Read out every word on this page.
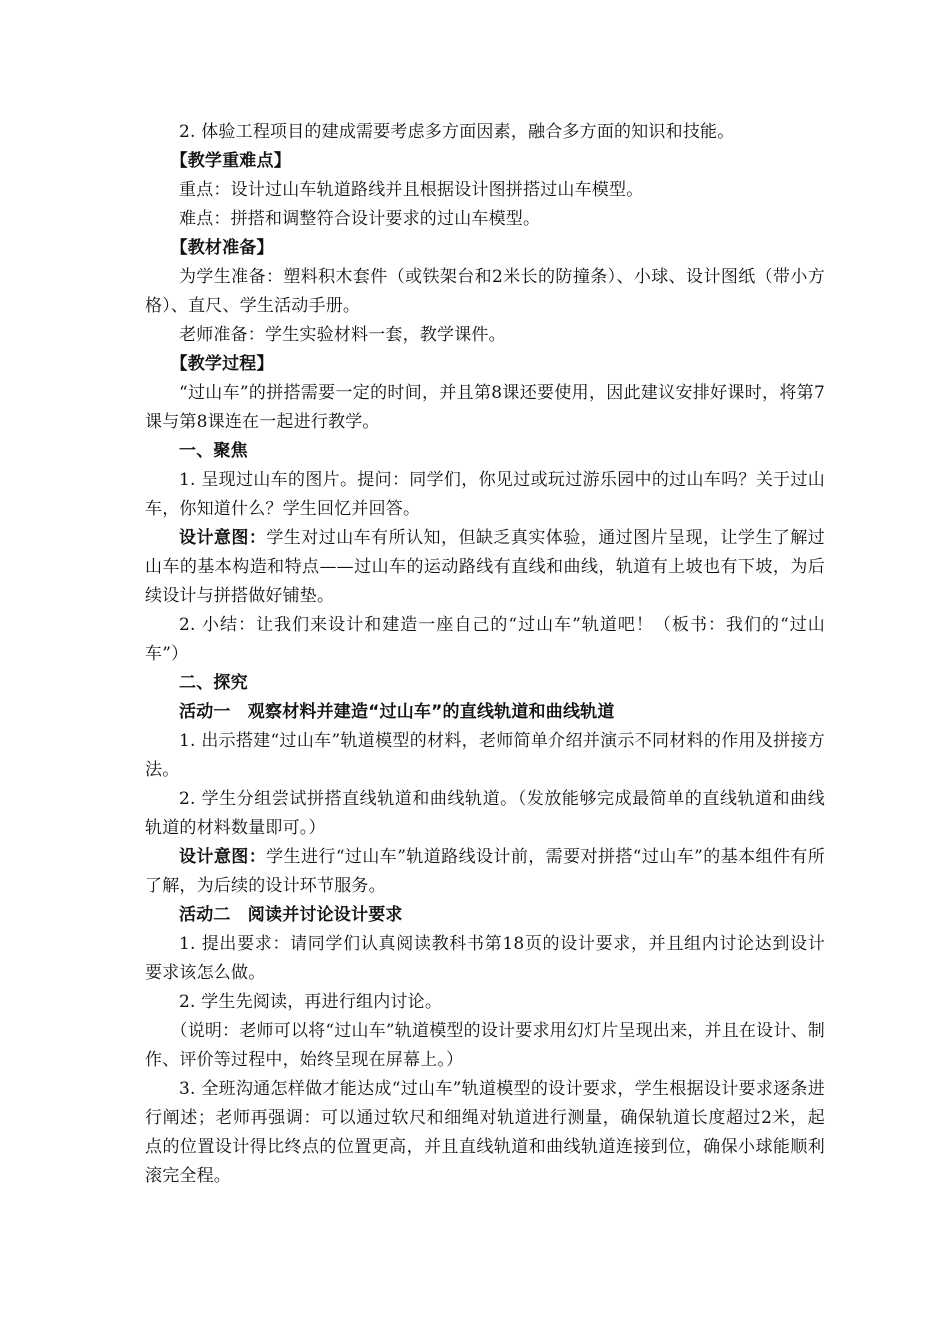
2. 体验工程项目的建成需要考虑多方面因素，融合多方面的知识和技能。

【教学重难点】

重点：设计过山车轨道路线并且根据设计图拼搭过山车模型。

难点：拼搭和调整符合设计要求的过山车模型。

【教材准备】

为学生准备：塑料积木套件（或铁架台和2米长的防撞条）、小球、设计图纸（带小方格）、直尺、学生活动手册。

老师准备：学生实验材料一套，教学课件。

【教学过程】

“过山车”的拼搭需要一定的时间，并且第8课还要使用，因此建议安排好课时，将第7课与第8课连在一起进行教学。

一、聚焦

1. 呈现过山车的图片。提问：同学们，你见过或玩过游乐园中的过山车吗？关于过山车，你知道什么？学生回忆并回答。

设计意图：学生对过山车有所认知，但缺乏真实体验，通过图片呈现，让学生了解过山车的基本构造和特点——过山车的运动路线有直线和曲线，轨道有上坡也有下坡，为后续设计与拼搭做好铺垫。

2. 小结：让我们来设计和建造一座自己的“过山车”轨道吧！（板书：我们的“过山车”）

二、探究

活动一　观察材料并建造“过山车”的直线轨道和曲线轨道

1. 出示搭建“过山车”轨道模型的材料，老师简单介绍并演示不同材料的作用及拼接方法。

2. 学生分组尝试拼搭直线轨道和曲线轨道。（发放能够完成最简单的直线轨道和曲线轨道的材料数量即可。）

设计意图：学生进行“过山车”轨道路线设计前，需要对拼搭“过山车”的基本组件有所了解，为后续的设计环节服务。

活动二　阅读并讨论设计要求

1. 提出要求：请同学们认真阅读教科书第18页的设计要求，并且组内讨论达到设计要求该怎么做。

2. 学生先阅读，再进行组内讨论。

（说明：老师可以将“过山车”轨道模型的设计要求用幻灯片呈现出来，并且在设计、制作、评价等过程中，始终呈现在屏幕上。）

3. 全班沟通怎样做才能达成“过山车”轨道模型的设计要求，学生根据设计要求逐条进行阐述；老师再强调：可以通过软尺和细绳对轨道进行测量，确保轨道长度超过2米，起点的位置设计得比终点的位置更高，并且直线轨道和曲线轨道连接到位，确保小球能顺利滚完全程。
